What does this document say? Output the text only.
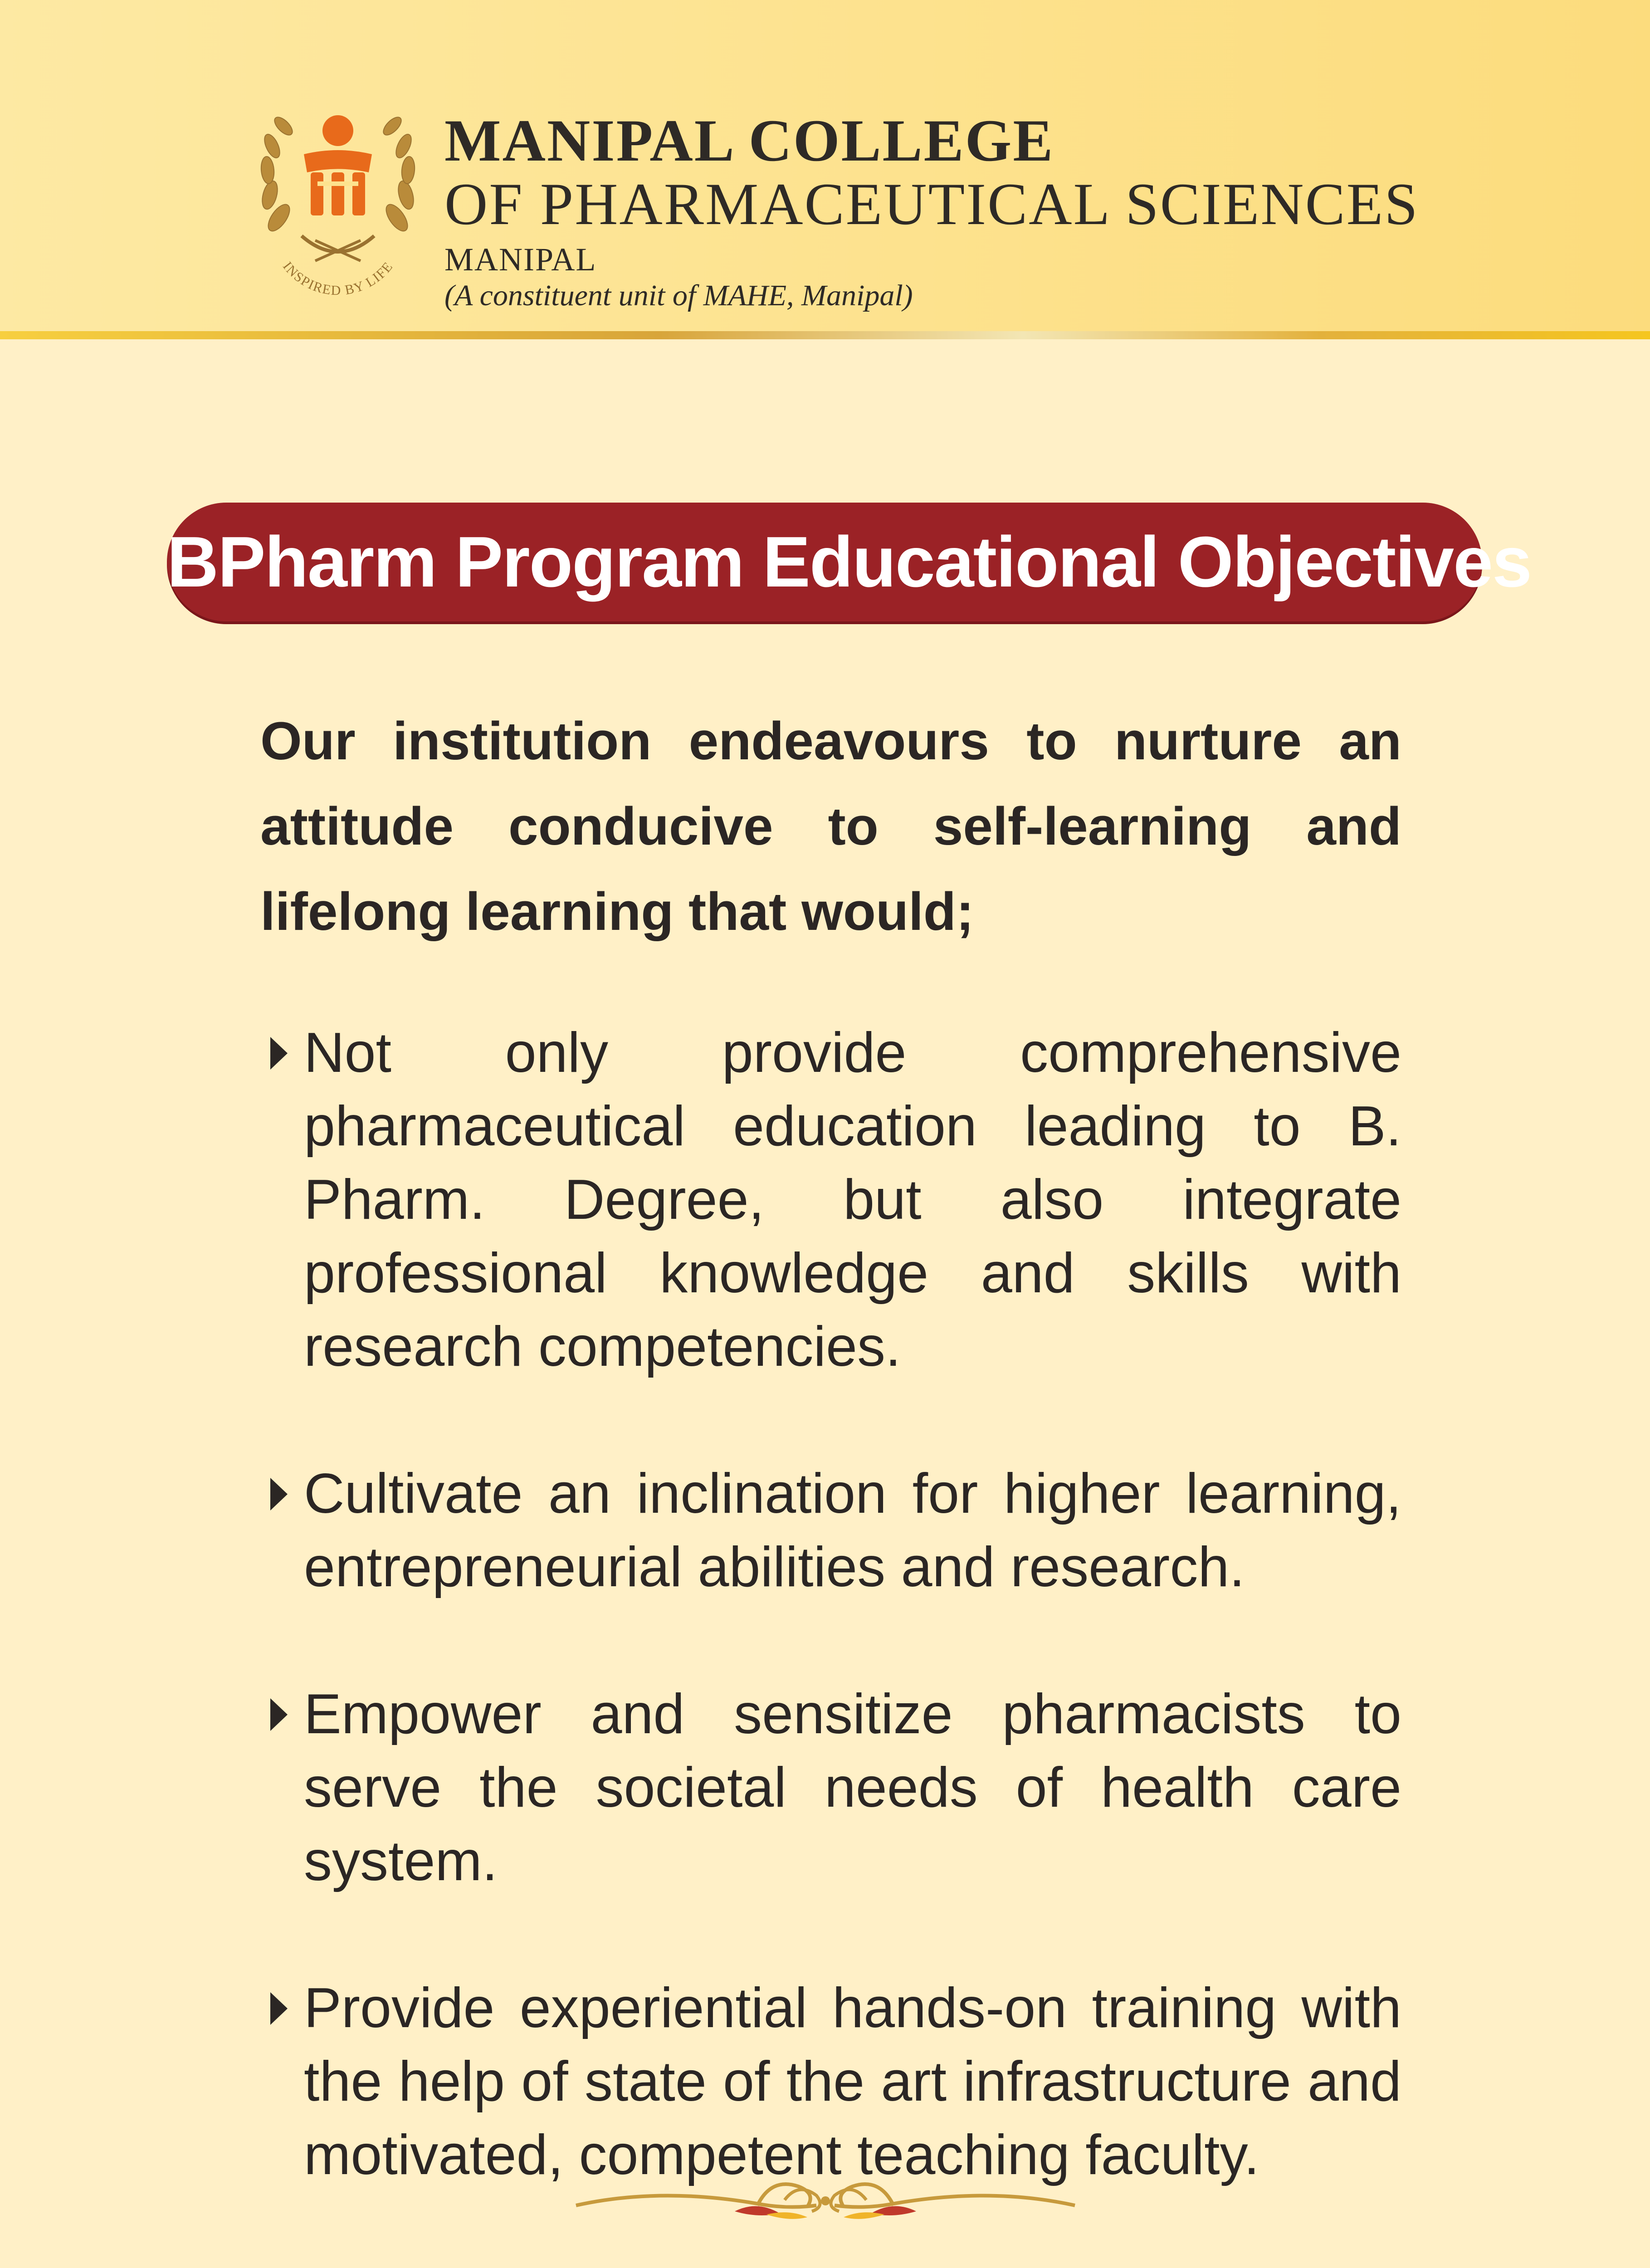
INSPIRED BY LIFE
MANIPAL COLLEGE
OF PHARMACEUTICAL SCIENCES
MANIPAL
(A constituent unit of MAHE, Manipal)
BPharm Program Educational Objectives
Our institution endeavours to nurture an attitude conducive to self-learning and lifelong learning that would;
Not only provide comprehensive pharmaceutical education leading to B. Pharm. Degree, but also integrate professional knowledge and skills with research competencies.
Cultivate an inclination for higher learning, entrepreneurial abilities and research.
Empower and sensitize pharmacists to serve the societal needs of health care system.
Provide experiential hands-on training with the help of state of the art infrastructure and motivated, competent teaching faculty.
